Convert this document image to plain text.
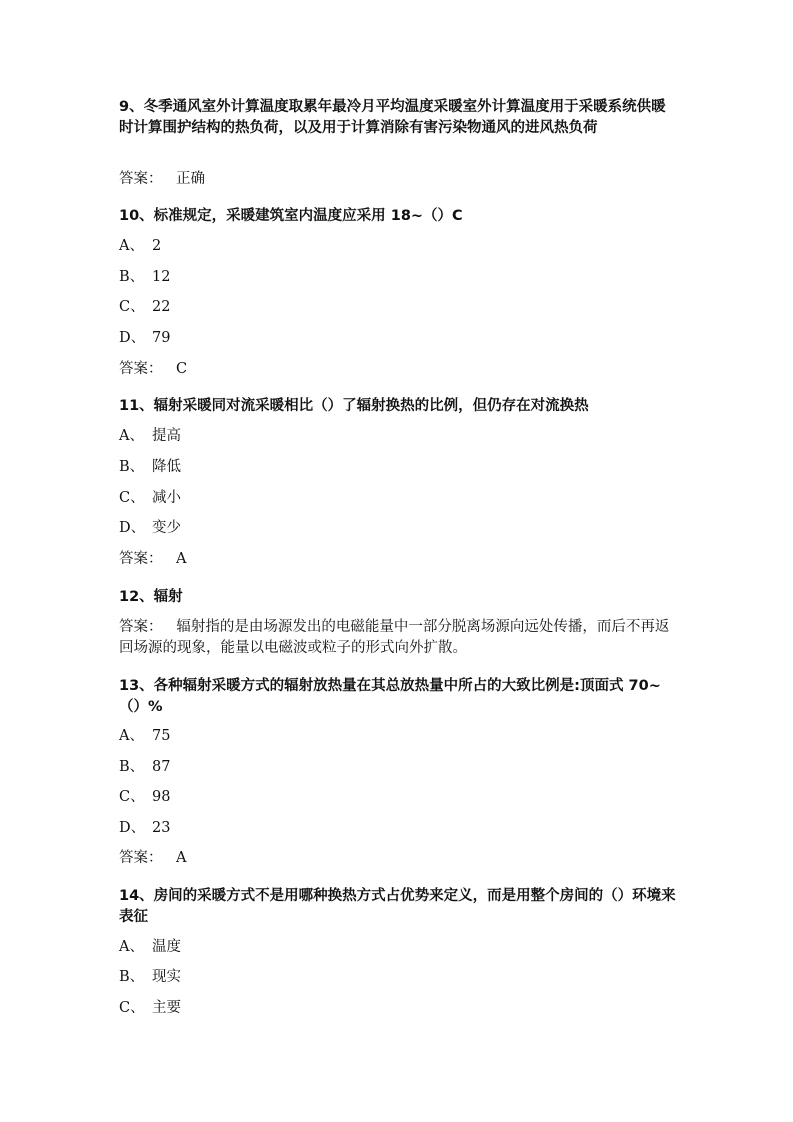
9、冬季通风室外计算温度取累年最冷月平均温度采暖室外计算温度用于采暖系统供暖时计算围护结构的热负荷，以及用于计算消除有害污染物通风的进风热负荷

答案： 正确

10、标准规定，采暖建筑室内温度应采用 18~（）C

A、 2
B、 12
C、 22
D、 79
答案： C

11、辐射采暖同对流采暖相比（）了辐射换热的比例，但仍存在对流换热

A、 提高
B、 降低
C、 减小
D、 变少
答案： A

12、辐射

答案： 辐射指的是由场源发出的电磁能量中一部分脱离场源向远处传播，而后不再返回场源的现象，能量以电磁波或粒子的形式向外扩散。

13、各种辐射采暖方式的辐射放热量在其总放热量中所占的大致比例是:顶面式 70~（）%

A、 75
B、 87
C、 98
D、 23
答案： A

14、房间的采暖方式不是用哪种换热方式占优势来定义，而是用整个房间的（）环境来表征

A、 温度
B、 现实
C、 主要
